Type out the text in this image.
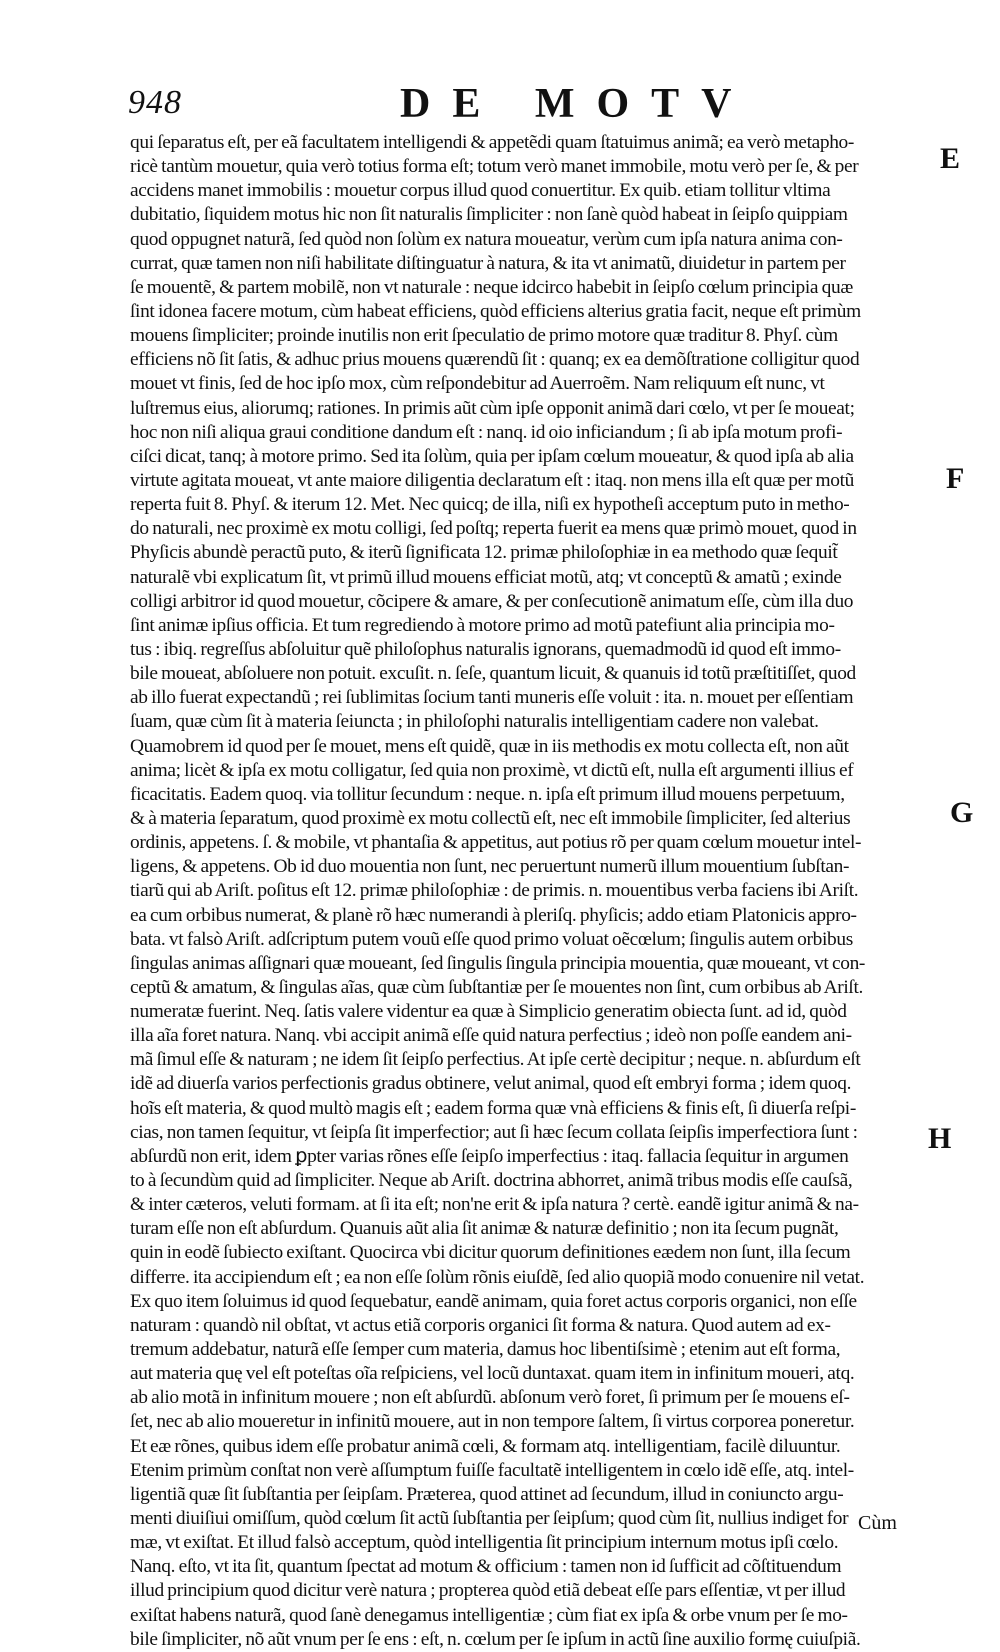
948	DE MOTV
E
F
G
H
qui ſeparatus eſt, per eã facultatem intelligendi & appetẽdi quam ſtatuimus animã; ea verò metapho-
ricè tantùm mouetur, quia verò totius forma eſt; totum verò manet immobile, motu verò per ſe, & per
accidens manet immobilis : mouetur corpus illud quod conuertitur. Ex quib. etiam tollitur vltima
dubitatio, ſiquidem motus hic non ſit naturalis ſimpliciter : non ſanè quòd habeat in ſeipſo quippiam
quod oppugnet naturã, ſed quòd non ſolùm ex natura moueatur, verùm cum ipſa natura anima con-
currat, quæ tamen non niſi habilitate diſtinguatur à natura, & ita vt animatũ, diuidetur in partem per
ſe mouentẽ, & partem mobilẽ, non vt naturale : neque idcirco habebit in ſeipſo cœlum principia quæ
ſint idonea facere motum, cùm habeat efficiens, quòd efficiens alterius gratia facit, neque eſt primùm
mouens ſimpliciter; proinde inutilis non erit ſpeculatio de primo motore quæ traditur 8. Phyſ. cùm
efficiens nõ ſit ſatis, & adhuc prius mouens quærendũ ſit : quanq; ex ea demõſtratione colligitur quod
mouet vt finis, ſed de hoc ipſo mox, cùm reſpondebitur ad Auerroẽm. Nam reliquum eſt nunc, vt
luſtremus eius, aliorumq; rationes. In primis aũt cùm ipſe opponit animã dari cœlo, vt per ſe moueat;
hoc non niſi aliqua graui conditione dandum eſt : nanq. id oio inficiandum ; ſi ab ipſa motum profi-
ciſci dicat, tanq; à motore primo. Sed ita ſolùm, quia per ipſam cœlum moueatur, & quod ipſa ab alia
virtute agitata moueat, vt ante maiore diligentia declaratum eſt : itaq. non mens illa eſt quæ per motũ
reperta fuit 8. Phyſ. & iterum 12. Met. Nec quicq; de illa, niſi ex hypotheſi acceptum puto in metho-
do naturali, nec proximè ex motu colligi, ſed poſtq; reperta fuerit ea mens quæ primò mouet, quod in
Phyſicis abundè peractũ puto, & iterũ ſignificata 12. primæ philoſophiæ in ea methodo quæ ſequit̃
naturalẽ vbi explicatum ſit, vt primũ illud mouens efficiat motũ, atq; vt conceptũ & amatũ ; exinde
colligi arbitror id quod mouetur, cõcipere & amare, & per conſecutionẽ animatum eſſe, cùm illa duo
ſint animæ ipſius officia. Et tum regrediendo à motore primo ad motũ patefiunt alia principia mo-
tus : ibiq. regreſſus abſoluitur quẽ philoſophus naturalis ignorans, quemadmodũ id quod eſt immo-
bile moueat, abſoluere non potuit. excuſit. n. ſeſe, quantum licuit, & quanuis id totũ præſtitiſſet, quod
ab illo fuerat expectandũ ; rei ſublimitas ſocium tanti muneris eſſe voluit : ita. n. mouet per eſſentiam
ſuam, quæ cùm ſit à materia ſeiuncta ; in philoſophi naturalis intelligentiam cadere non valebat.
Quamobrem id quod per ſe mouet, mens eſt quidẽ, quæ in iis methodis ex motu collecta eſt, non aũt
anima; licèt & ipſa ex motu colligatur, ſed quia non proximè, vt dictũ eſt, nulla eſt argumenti illius ef
ficacitatis. Eadem quoq. via tollitur ſecundum : neque. n. ipſa eſt primum illud mouens perpetuum,
& à materia ſeparatum, quod proximè ex motu collectũ eſt, nec eſt immobile ſimpliciter, ſed alterius
ordinis, appetens. ſ. & mobile, vt phantaſia & appetitus, aut potius rõ per quam cœlum mouetur intel-
ligens, & appetens. Ob id duo mouentia non ſunt, nec peruertunt numerũ illum mouentium ſubſtan-
tiarũ qui ab Ariſt. poſitus eſt 12. primæ philoſophiæ : de primis. n. mouentibus verba faciens ibi Ariſt.
ea cum orbibus numerat, & planè rõ hæc numerandi à pleriſq. phyſicis; addo etiam Platonicis appro-
bata. vt falsò Ariſt. adſcriptum putem vouũ eſſe quod primo voluat oẽcœlum; ſingulis autem orbibus
ſingulas animas aſſignari quæ moueant, ſed ſingulis ſingula principia mouentia, quæ moueant, vt con-
ceptũ & amatum, & ſingulas aĩas, quæ cùm ſubſtantiæ per ſe mouentes non ſint, cum orbibus ab Ariſt.
numeratæ fuerint. Neq. ſatis valere videntur ea quæ à Simplicio generatim obiecta ſunt. ad id, quòd
illa aĩa foret natura. Nanq. vbi accipit animã eſſe quid natura perfectius ; ideò non poſſe eandem ani-
mã ſimul eſſe & naturam ; ne idem ſit ſeipſo perfectius. At ipſe certè decipitur ; neque. n. abſurdum eſt
idẽ ad diuerſa varios perfectionis gradus obtinere, velut animal, quod eſt embryi forma ; idem quoq.
hoĩs eſt materia, & quod multò magis eſt ; eadem forma quæ vnà efficiens & finis eſt, ſi diuerſa reſpi-
cias, non tamen ſequitur, vt ſeipſa ſit imperfectior; aut ſi hæc ſecum collata ſeipſis imperfectiora ſunt :
abſurdũ non erit, idem ꝑpter varias rõnes eſſe ſeipſo imperfectius : itaq. fallacia ſequitur in argumen
to à ſecundùm quid ad ſimpliciter. Neque ab Ariſt. doctrina abhorret, animã tribus modis eſſe cauſsã,
& inter cæteros, veluti formam. at ſi ita eſt; non'ne erit & ipſa natura ? certè. eandẽ igitur animã & na-
turam eſſe non eſt abſurdum. Quanuis aũt alia ſit animæ & naturæ definitio ; non ita ſecum pugnãt,
quin in eodẽ ſubiecto exiſtant. Quocirca vbi dicitur quorum definitiones eædem non ſunt, illa ſecum
differre. ita accipiendum eſt ; ea non eſſe ſolùm rõnis eiuſdẽ, ſed alio quopiã modo conuenire nil vetat.
Ex quo item ſoluimus id quod ſequebatur, eandẽ animam, quia foret actus corporis organici, non eſſe
naturam : quandò nil obſtat, vt actus etiã corporis organici ſit forma & natura. Quod autem ad ex-
tremum addebatur, naturã eſſe ſemper cum materia, damus hoc libentiſsimè ; etenim aut eſt forma,
aut materia quę vel eſt poteſtas oĩa reſpiciens, vel locũ duntaxat. quam item in infinitum moueri, atq.
ab alio motã in infinitum mouere ; non eſt abſurdũ. abſonum verò foret, ſi primum per ſe mouens eſ-
ſet, nec ab alio moueretur in infinitũ mouere, aut in non tempore ſaltem, ſi virtus corporea poneretur.
Et eæ rõnes, quibus idem eſſe probatur animã cœli, & formam atq. intelligentiam, facilè diluuntur.
Etenim primùm conſtat non verè aſſumptum fuiſſe facultatẽ intelligentem in cœlo idẽ eſſe, atq. intel-
ligentiã quæ ſit ſubſtantia per ſeipſam. Præterea, quod attinet ad ſecundum, illud in coniuncto argu-
menti diuiſiui omiſſum, quòd cœlum ſit actũ ſubſtantia per ſeipſum; quod cùm ſit, nullius indiget for
mæ, vt exiſtat. Et illud falsò acceptum, quòd intelligentia ſit principium internum motus ipſi cœlo.
Nanq. eſto, vt ita ſit, quantum ſpectat ad motum & officium : tamen non id ſufficit ad cõſtituendum
illud principium quod dicitur verè natura ; propterea quòd etiã debeat eſſe pars eſſentiæ, vt per illud
exiſtat habens naturã, quod ſanè denegamus intelligentiæ ; cùm fiat ex ipſa & orbe vnum per ſe mo-
bile ſimpliciter, nõ aũt vnum per ſe ens : eſt, n. cœlum per ſe ipſum in actũ ſine auxilio formę cuiuſpiã.
Cùm
